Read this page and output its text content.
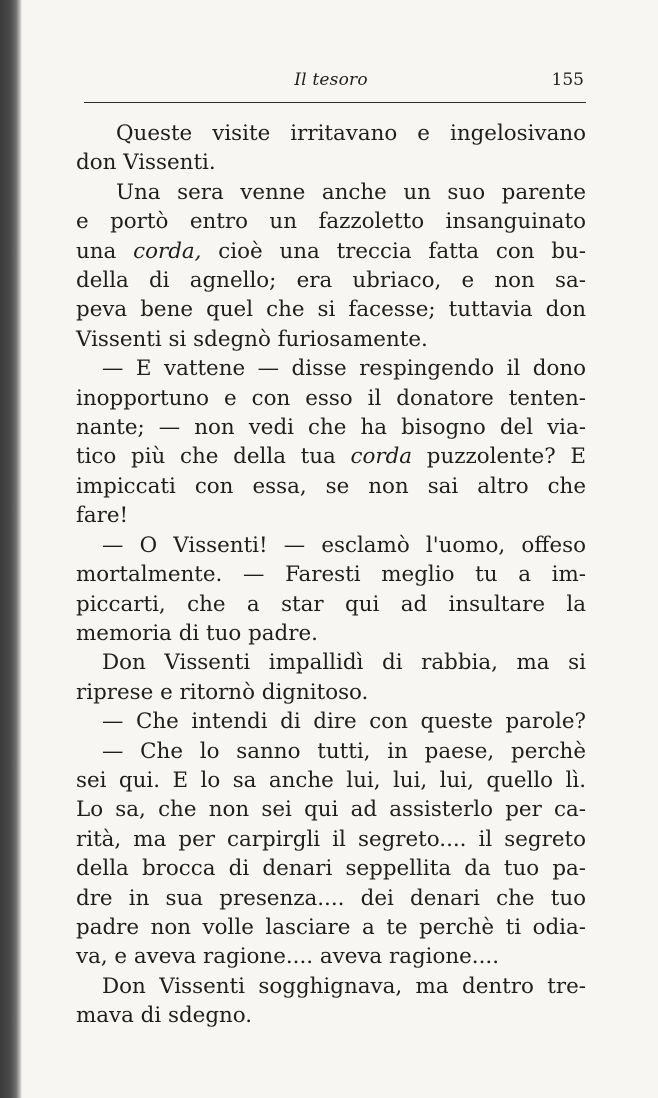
Il tesoro	155
Queste visite irritavano e ingelosivano
don Vissenti.
Una sera venne anche un suo parente
e portò entro un fazzoletto insanguinato
una corda, cioè una treccia fatta con bu-
della di agnello; era ubriaco, e non sa-
peva bene quel che si facesse; tuttavia don
Vissenti si sdegnò furiosamente.
— E vattene — disse respingendo il dono
inopportuno e con esso il donatore tenten-
nante; — non vedi che ha bisogno del via-
tico più che della tua corda puzzolente? E
impiccati con essa, se non sai altro che
fare!
— O Vissenti! — esclamò l'uomo, offeso
mortalmente. — Faresti meglio tu a im-
piccarti, che a star qui ad insultare la
memoria di tuo padre.
Don Vissenti impallidì di rabbia, ma si
riprese e ritornò dignitoso.
— Che intendi di dire con queste parole?
— Che lo sanno tutti, in paese, perchè
sei qui. E lo sa anche lui, lui, lui, quello lì.
Lo sa, che non sei qui ad assisterlo per ca-
rità, ma per carpirgli il segreto.... il segreto
della brocca di denari seppellita da tuo pa-
dre in sua presenza.... dei denari che tuo
padre non volle lasciare a te perchè ti odia-
va, e aveva ragione.... aveva ragione....
Don Vissenti sogghignava, ma dentro tre-
mava di sdegno.
